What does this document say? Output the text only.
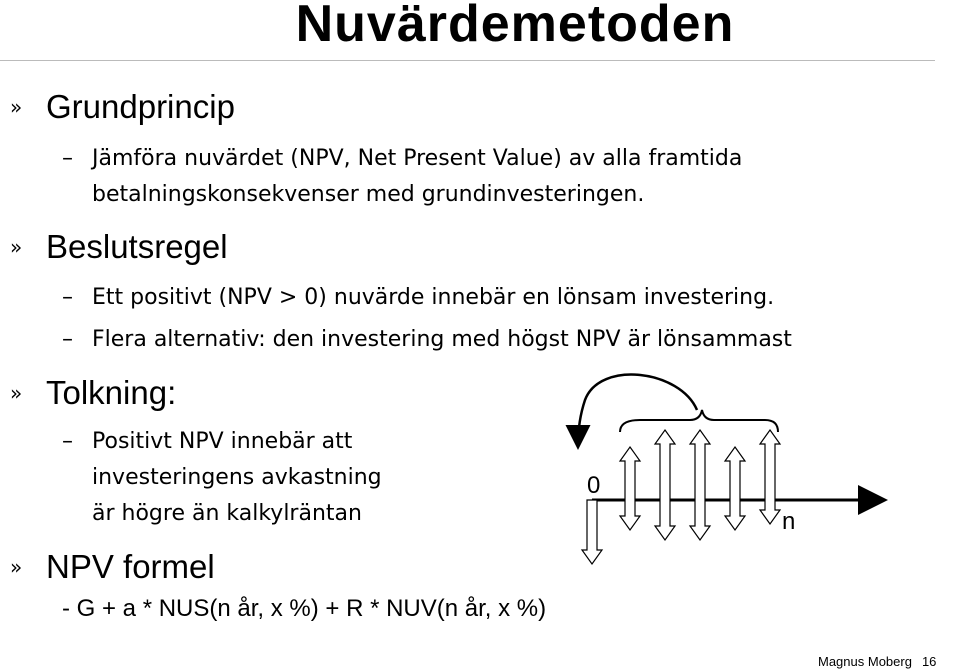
Nuvärdemetoden
» Grundprincip
– Jämföra nuvärdet (NPV, Net Present Value) av alla framtida
betalningskonsekvenser med grundinvesteringen.
» Beslutsregel
– Ett positivt (NPV > 0) nuvärde innebär en lönsam investering.
– Flera alternativ: den investering med högst NPV är lönsammast
» Tolkning:
– Positivt NPV innebär att
investeringens avkastning
är högre än kalkylräntan
» NPV formel
- G + a * NUS(n år, x %) + R * NUV(n år, x %)
0
n
Magnus Moberg 16
